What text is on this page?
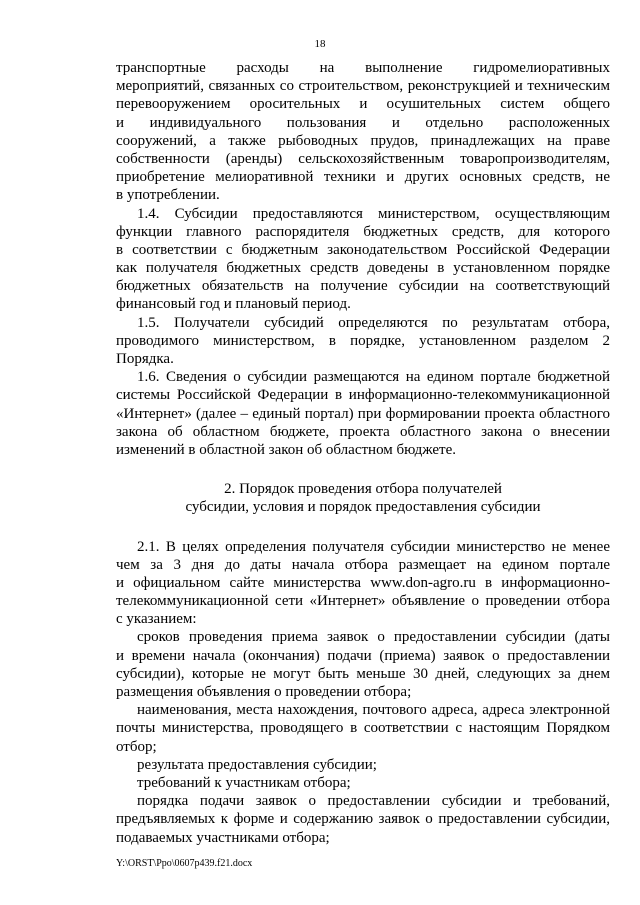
18
транспортные расходы на выполнение гидромелиоративных
мероприятий, связанных со строительством, реконструкцией и техническим
перевооружением оросительных и осушительных систем общего
и индивидуального пользования и отдельно расположенных
сооружений, а также рыбоводных прудов, принадлежащих на праве
собственности (аренды) сельскохозяйственным товаропроизводителям,
приобретение мелиоративной техники и других основных средств, не
в употреблении.
1.4. Субсидии предоставляются министерством, осуществляющим
функции главного распорядителя бюджетных средств, для которого
в соответствии с бюджетным законодательством Российской Федерации
как получателя бюджетных средств доведены в установленном порядке
бюджетных обязательств на получение субсидии на соответствующий
финансовый год и плановый период.
1.5. Получатели субсидий определяются по результатам отбора,
проводимого министерством, в порядке, установленном разделом 2
Порядка.
1.6. Сведения о субсидии размещаются на едином портале бюджетной
системы Российской Федерации в информационно-телекоммуникационной
«Интернет» (далее – единый портал) при формировании проекта областного
закона об областном бюджете, проекта областного закона о внесении
изменений в областной закон об областном бюджете.
2. Порядок проведения отбора получателей
субсидии, условия и порядок предоставления субсидии
2.1. В целях определения получателя субсидии министерство не менее
чем за 3 дня до даты начала отбора размещает на едином портале
и официальном сайте министерства www.don-agro.ru в информационно-
телекоммуникационной сети «Интернет» объявление о проведении отбора
с указанием:
сроков проведения приема заявок о предоставлении субсидии (даты
и времени начала (окончания) подачи (приема) заявок о предоставлении
субсидии), которые не могут быть меньше 30 дней, следующих за днем
размещения объявления о проведении отбора;
наименования, места нахождения, почтового адреса, адреса электронной
почты министерства, проводящего в соответствии с настоящим Порядком
отбор;
результата предоставления субсидии;
требований к участникам отбора;
порядка подачи заявок о предоставлении субсидии и требований,
предъявляемых к форме и содержанию заявок о предоставлении субсидии,
подаваемых участниками отбора;
Y:\ORST\Ppo\0607p439.f21.docx
